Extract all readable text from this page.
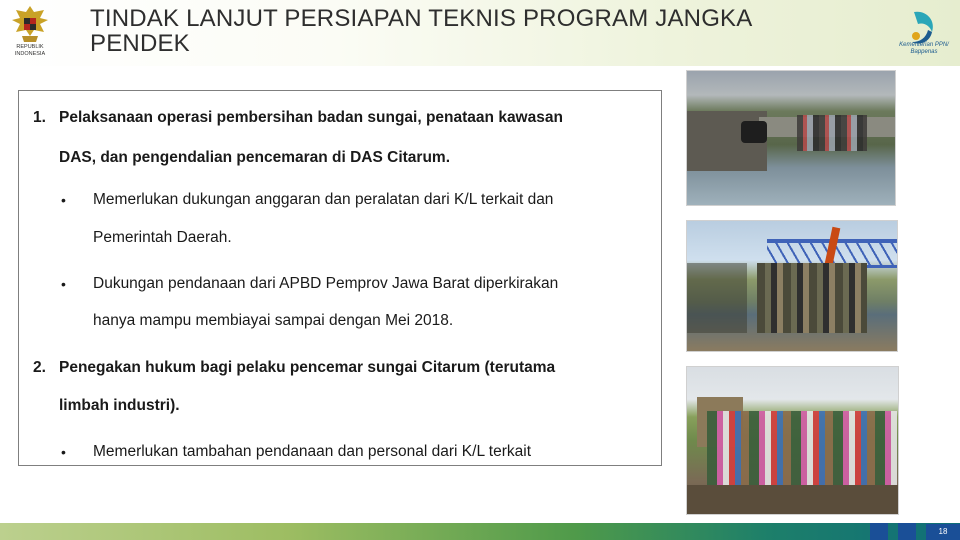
REPUBLIK
INDONESIA
TINDAK LANJUT PERSIAPAN TEKNIS PROGRAM JANGKA
PENDEK	Kementerian PPN/
Bappenas
1. Pelaksanaan operasi pembersihan badan sungai, penataan kawasan
DAS, dan pengendalian pencemaran di DAS Citarum.
• Memerlukan dukungan anggaran dan peralatan dari K/L terkait dan
Pemerintah Daerah.
• Dukungan pendanaan dari APBD Pemprov Jawa Barat diperkirakan
hanya mampu membiayai sampai dengan Mei 2018.
2. Penegakan hukum bagi pelaku pencemar sungai Citarum (terutama
limbah industri).
• Memerlukan tambahan pendanaan dan personal dari K/L terkait
18
